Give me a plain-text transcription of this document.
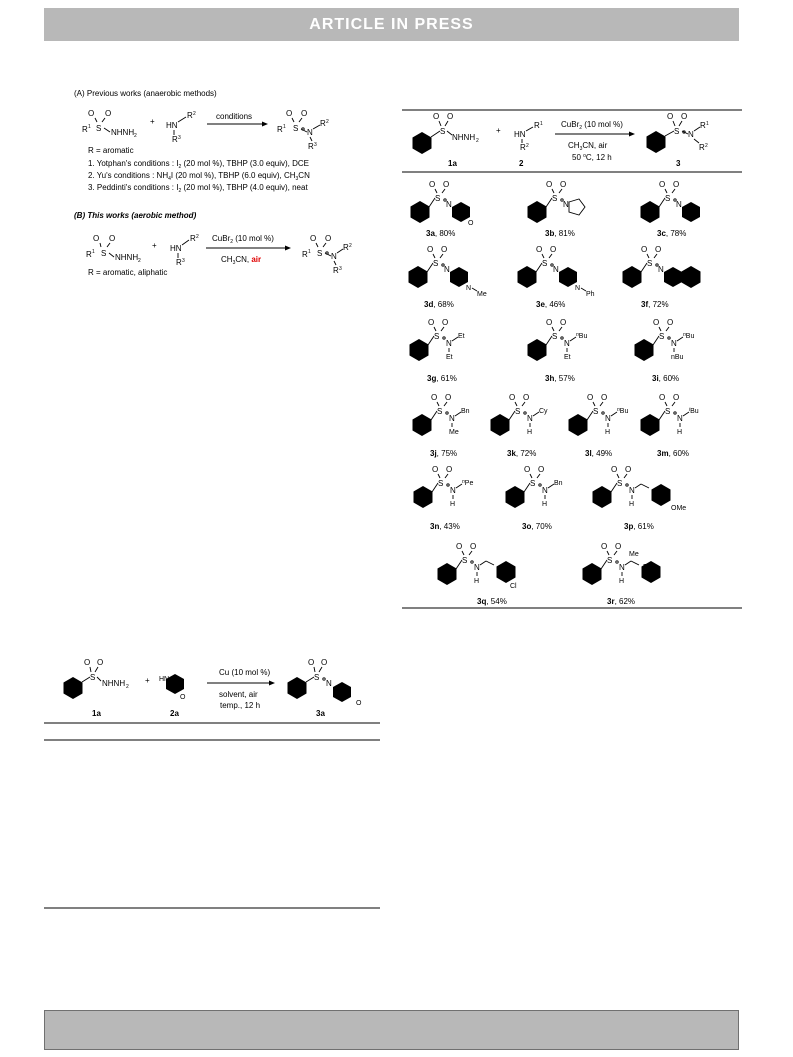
ARTICLE IN PRESS
(A) Previous works (anaerobic methods)
O O
S
R 1
NHNH 2
+ HN
R 2
R 3
conditions	O O
S
R 1
N
R 2
R 3
R = aromatic
1. Yotphan's conditions : $I_2$ (20 mol %), TBHP (3.0 equiv), DCE
2. Yu's conditions : $NH_4I$ (20 mol %), TBHP (6.0 equiv), $CH_3CN$
3. Peddinti's conditions : $I_2$ (20 mol %), TBHP (4.0 equiv), neat
(B) This works (aerobic method)
O O
S
R 1
NHNH 2
+ HN
R 2
R 3
CuBr$_2$ (10 mol %)
$CH_3CN$, air
O O
S
R 1	N
R 2
R 3
R = aromatic, aliphatic
S
O O
NHNH 2
+ HN
R 1
R 2
CuBr$_2$ (10 mol %)
$CH_3CN$, air
50 $^o$C, 12 h
S
O O
N
R 1
R 2
1a	2	3
S
O O
N
O
3a, 80%
S
O O
N
3b, 81%
S
O O
N
3c, 78%
S
O O
N
N
Me
3d, 68%
S
O O
N
N
Ph
3e, 46%
S
O O
N
3f, 72%
S
O O
N
Et
Et
3g, 61%
S
O O
N
$^n$Bu
Et
3h, 57%
S
O O
N
$^n$Bu
nBu
3i, 60%
S
O O
N
Bn
Me
3j, 75%
S
O O
N
Cy
H
3k, 72%
S
O O
N
$^n$Bu
H
3l, 49%
S
O O
N
$^i$Bu
H
3m, 60%
S
O O
N
$^n$Pe
H
3n, 43%
S
O O
N
Bn
H
3o, 70%
S
O O
N
OMe
H
3p, 61%
S
O O
N
Cl
H
3q, 54%
S
O O
N
Me
Ph
H
3r, 62%
S
O O
NHNH 2
+ HN
O
Cu (10 mol %)
solvent, air
temp., 12 h
S
O O
N
O
1a	2a	3a
